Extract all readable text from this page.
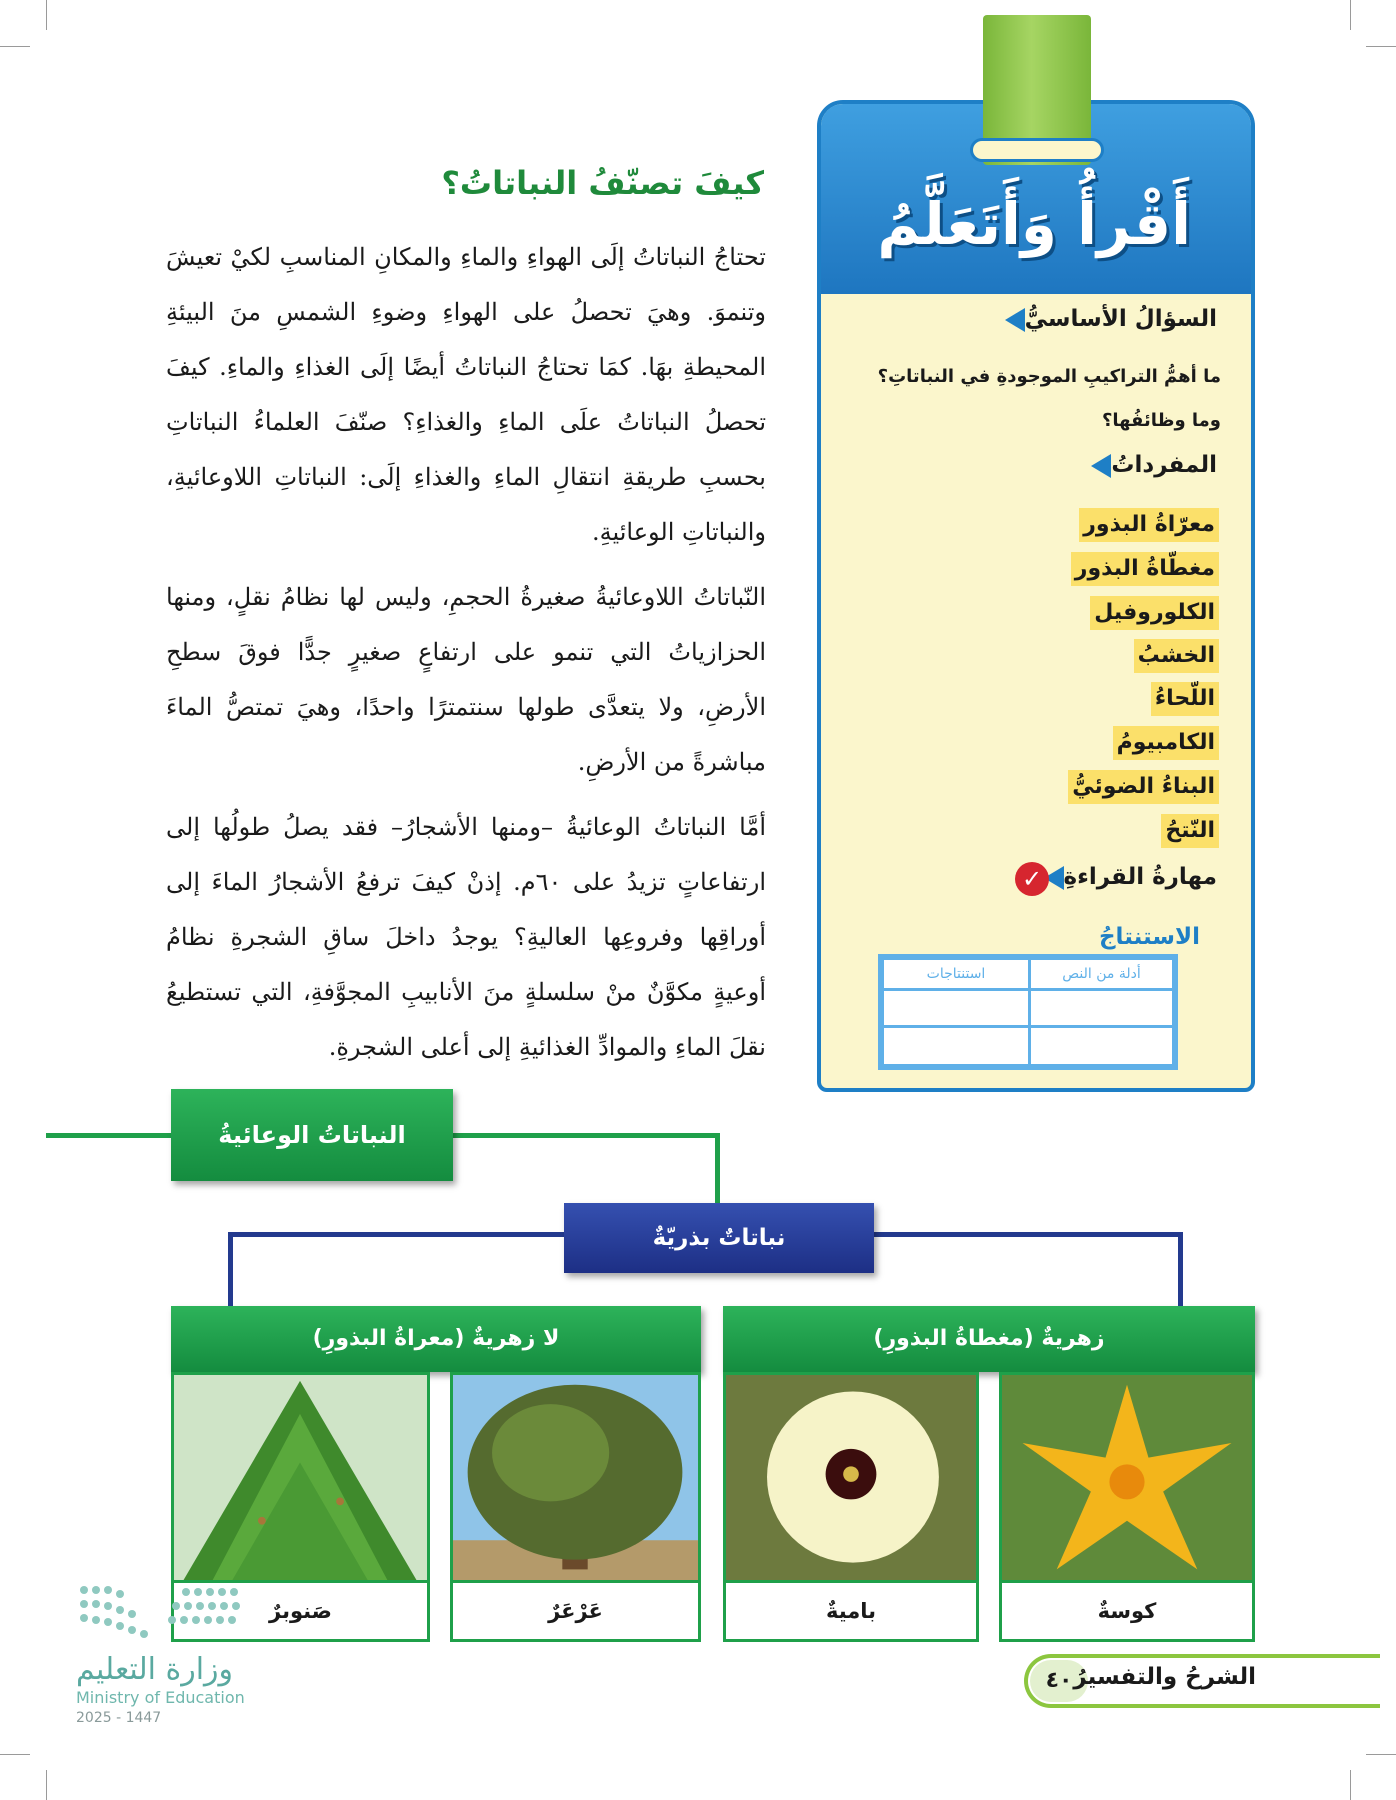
أَقْرأُ وَأَتَعَلَّمُ
السؤالُ الأساسيُّ
ما أهمُّ التراكيبِ الموجودةِ في النباتاتِ؟
وما وظائفُها؟
المفرداتُ
معرّاةُ البذور
مغطّاةُ البذور
الكلوروفيل
الخشبُ
اللّحاءُ
الكامبيومُ
البناءُ الضوئيُّ
النّتحُ
مهارةُ القراءةِ
✓
الاستنتاجُ
أدلة من النص
استنتاجات
كيفَ تصنّفُ النباتاتُ؟
تحتاجُ النباتاتُ إلَى الهواءِ والماءِ والمكانِ المناسبِ لكيْ تعيشَ وتنموَ. وهيَ تحصلُ على الهواءِ وضوءِ الشمسِ منَ البيئةِ المحيطةِ بهَا. كمَا تحتاجُ النباتاتُ أيضًا إلَى الغذاءِ والماءِ. كيفَ تحصلُ النباتاتُ علَى الماءِ والغذاءِ؟ صنّفَ العلماءُ النباتاتِ بحسبِ طريقةِ انتقالِ الماءِ والغذاءِ إلَى: النباتاتِ اللاوعائيةِ، والنباتاتِ الوعائيةِ.
النّباتاتُ اللاوعائيةُ صغيرةُ الحجمِ، وليس لها نظامُ نقلٍ، ومنها الحزازياتُ التي تنمو على ارتفاعٍ صغيرٍ جدًّا فوقَ سطحِ الأرضِ، ولا يتعدَّى طولها سنتمترًا واحدًا، وهيَ تمتصُّ الماءَ مباشرةً من الأرضِ.
أمَّا النباتاتُ الوعائيةُ –ومنها الأشجارُ– فقد يصلُ طولُها إلى ارتفاعاتٍ تزيدُ على ٦٠م. إذنْ كيفَ ترفعُ الأشجارُ الماءَ إلى أوراقِها وفروعِها العاليةِ؟ يوجدُ داخلَ ساقِ الشجرةِ نظامُ أوعيةٍ مكوَّنٌ منْ سلسلةٍ منَ الأنابيبِ المجوَّفةِ، التي تستطيعُ نقلَ الماءِ والموادِّ الغذائيةِ إلى أعلى الشجرةِ.
النباتاتُ الوعائيةُ
نباتاتٌ بذريّةٌ
لا زهريةٌ (معراةُ البذورِ)	زهريةٌ (مغطاةُ البذورِ)
صَنوبرٌ	عَرْعَرٌ	باميةٌ	كوسةٌ
٤٠ الشرحُ والتفسيرُ
وزارة التعليم
Ministry of Education
2025 - 1447
